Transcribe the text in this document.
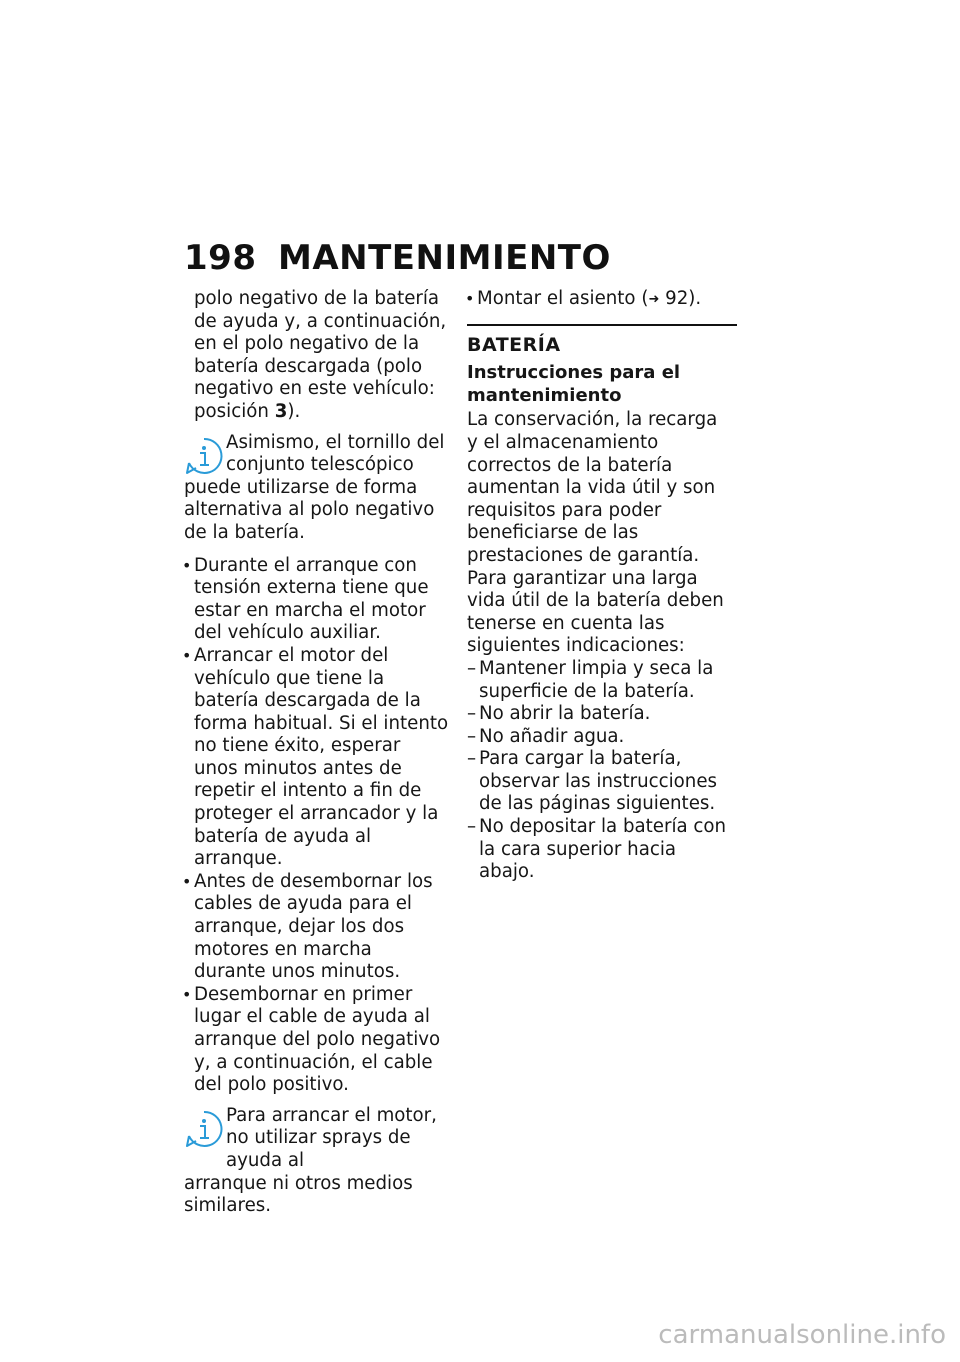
198 MANTENIMIENTO

polo negativo de la batería de ayuda y, a continuación, en el polo negativo de la batería descargada (polo negativo en este vehículo: posición 3).

Asimismo, el tornillo del conjunto telescópico
puede utilizarse de forma alternativa al polo negativo de la batería.

• Durante el arranque con tensión externa tiene que estar en marcha el motor del vehículo auxiliar.

• Arrancar el motor del vehículo que tiene la batería descargada de la forma habitual. Si el intento no tiene éxito, esperar unos minutos antes de repetir el intento a fin de proteger el arrancador y la batería de ayuda al arranque.

• Antes de desembornar los cables de ayuda para el arranque, dejar los dos motores en marcha durante unos minutos.

• Desembornar en primer lugar el cable de ayuda al arranque del polo negativo y, a continuación, el cable del polo positivo.

Para arrancar el motor, no utilizar sprays de ayuda al
arranque ni otros medios similares.

• Montar el asiento (➜ 92).

BATERÍA
Instrucciones para el mantenimiento

La conservación, la recarga y el almacenamiento correctos de la batería aumentan la vida útil y son requisitos para poder beneficiarse de las prestaciones de garantía.

Para garantizar una larga vida útil de la batería deben tenerse en cuenta las siguientes indicaciones:

– Mantener limpia y seca la superficie de la batería.

– No abrir la batería.

– No añadir agua.

– Para cargar la batería, observar las instrucciones de las páginas siguientes.

– No depositar la batería con la cara superior hacia abajo.

carmanualsonline.info
